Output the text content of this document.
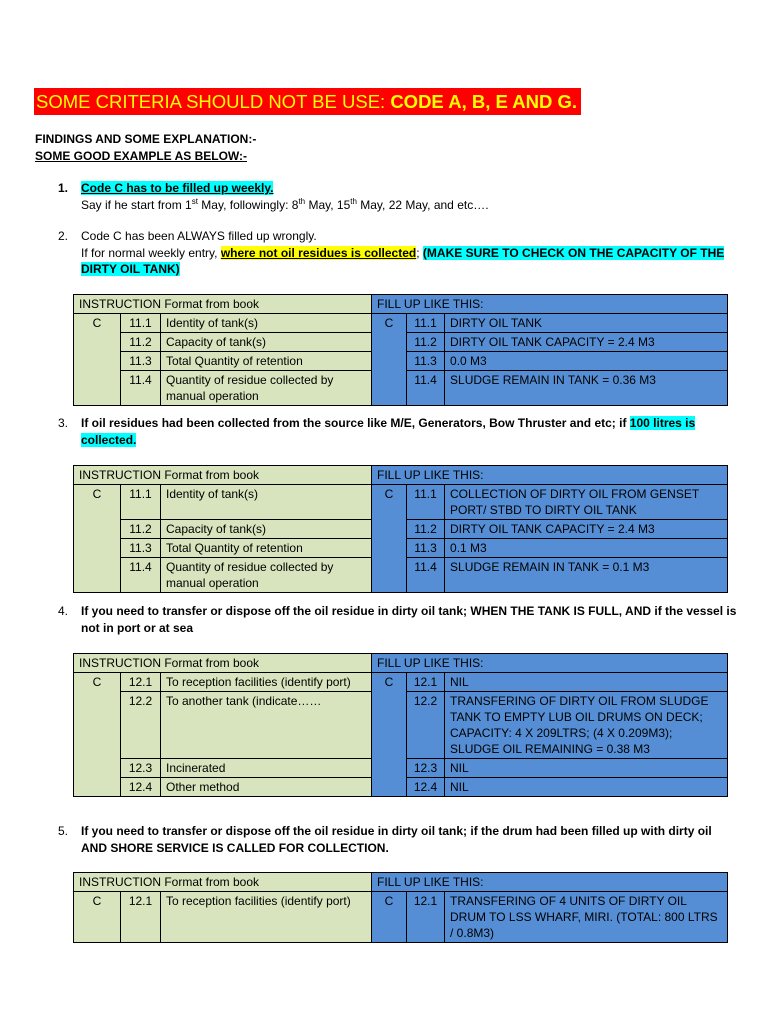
SOME CRITERIA SHOULD NOT BE USE: CODE A, B, E AND G.
FINDINGS AND SOME EXPLANATION:-
SOME GOOD EXAMPLE AS BELOW:-
1.	Code C has to be filled up weekly.
Say if he start from 1st May, followingly: 8th May, 15th May, 22 May, and etc….
2.	Code C has been ALWAYS filled up wrongly.
If for normal weekly entry, where not oil residues is collected; (MAKE SURE TO CHECK ON THE CAPACITY OF THE DIRTY OIL TANK)
INSTRUCTION Format from book			FILL UP LIKE THIS:		
C	11.1	Identity of tank(s)	C	11.1	DIRTY OIL TANK
	11.2	Capacity of tank(s)		11.2	DIRTY OIL TANK CAPACITY = 2.4 M3
	11.3	Total Quantity of retention		11.3	0.0 M3
	11.4	Quantity of residue collected by manual operation		11.4	SLUDGE REMAIN IN TANK = 0.36 M3
3.	If oil residues had been collected from the source like M/E, Generators, Bow Thruster and etc; if 100 litres is collected.
INSTRUCTION Format from book			FILL UP LIKE THIS:		
C	11.1	Identity of tank(s)	C	11.1	COLLECTION OF DIRTY OIL FROM GENSET PORT/ STBD TO DIRTY OIL TANK
	11.2	Capacity of tank(s)		11.2	DIRTY OIL TANK CAPACITY = 2.4 M3
	11.3	Total Quantity of retention		11.3	0.1 M3
	11.4	Quantity of residue collected by manual operation		11.4	SLUDGE REMAIN IN TANK = 0.1 M3
4.	If you need to transfer or dispose off the oil residue in dirty oil tank; WHEN THE TANK IS FULL, AND if the vessel is not in port or at sea
INSTRUCTION Format from book			FILL UP LIKE THIS:		
C	12.1	To reception facilities (identify port)	C	12.1	NIL
	12.2	To another tank (indicate……		12.2	TRANSFERING OF DIRTY OIL FROM SLUDGE TANK TO EMPTY LUB OIL DRUMS ON DECK; CAPACITY: 4 X 209LTRS; (4 X 0.209M3); SLUDGE OIL REMAINING = 0.38 M3
	12.3	Incinerated		12.3	NIL
	12.4	Other method		12.4	NIL
5.	If you need to transfer or dispose off the oil residue in dirty oil tank; if the drum had been filled up with dirty oil AND SHORE SERVICE IS CALLED FOR COLLECTION.
INSTRUCTION Format from book			FILL UP LIKE THIS:		
C	12.1	To reception facilities (identify port)	C	12.1	TRANSFERING OF 4 UNITS OF DIRTY OIL DRUM TO LSS WHARF, MIRI. (TOTAL: 800 LTRS / 0.8M3)
